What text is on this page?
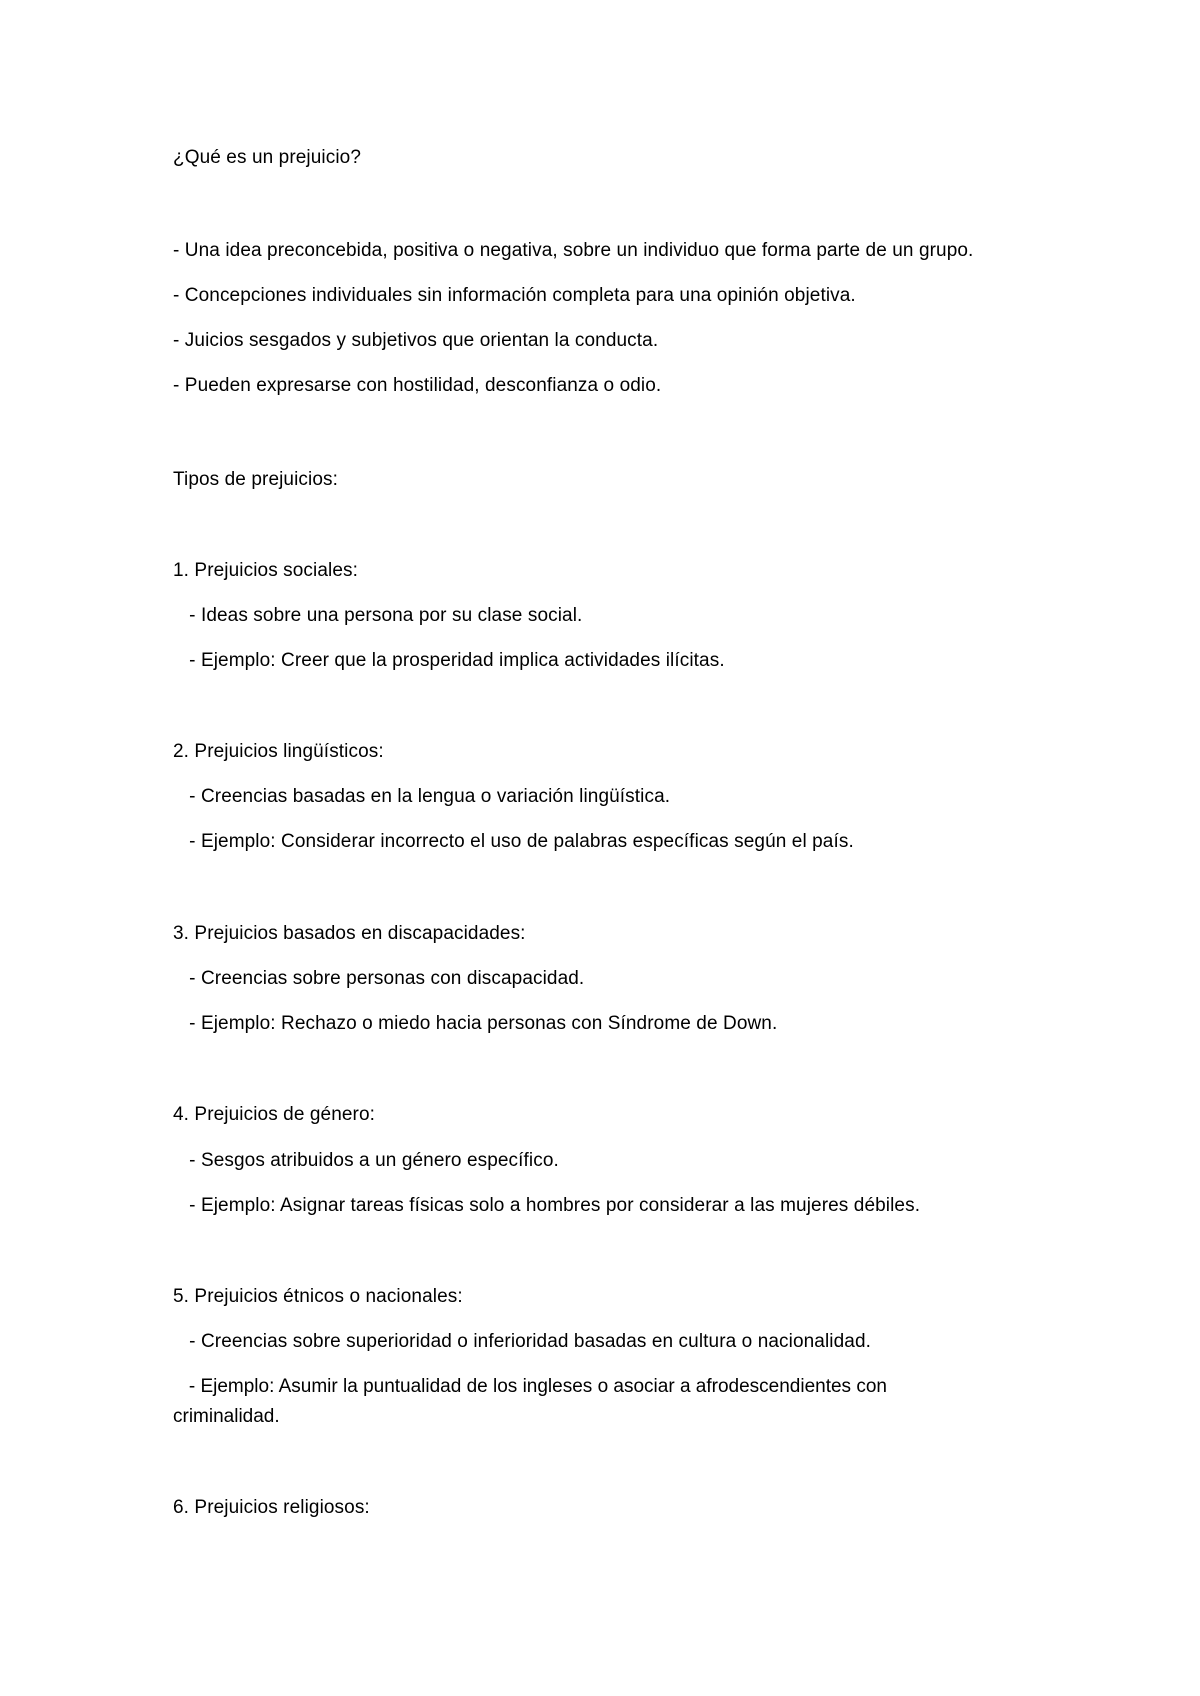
¿Qué es un prejuicio?
- Una idea preconcebida, positiva o negativa, sobre un individuo que forma parte de un grupo.
- Concepciones individuales sin información completa para una opinión objetiva.
- Juicios sesgados y subjetivos que orientan la conducta.
- Pueden expresarse con hostilidad, desconfianza o odio.
Tipos de prejuicios:
1. Prejuicios sociales:
- Ideas sobre una persona por su clase social.
- Ejemplo: Creer que la prosperidad implica actividades ilícitas.
2. Prejuicios lingüísticos:
- Creencias basadas en la lengua o variación lingüística.
- Ejemplo: Considerar incorrecto el uso de palabras específicas según el país.
3. Prejuicios basados en discapacidades:
- Creencias sobre personas con discapacidad.
- Ejemplo: Rechazo o miedo hacia personas con Síndrome de Down.
4. Prejuicios de género:
- Sesgos atribuidos a un género específico.
- Ejemplo: Asignar tareas físicas solo a hombres por considerar a las mujeres débiles.
5. Prejuicios étnicos o nacionales:
- Creencias sobre superioridad o inferioridad basadas en cultura o nacionalidad.
- Ejemplo: Asumir la puntualidad de los ingleses o asociar a afrodescendientes con criminalidad.
6. Prejuicios religiosos:
